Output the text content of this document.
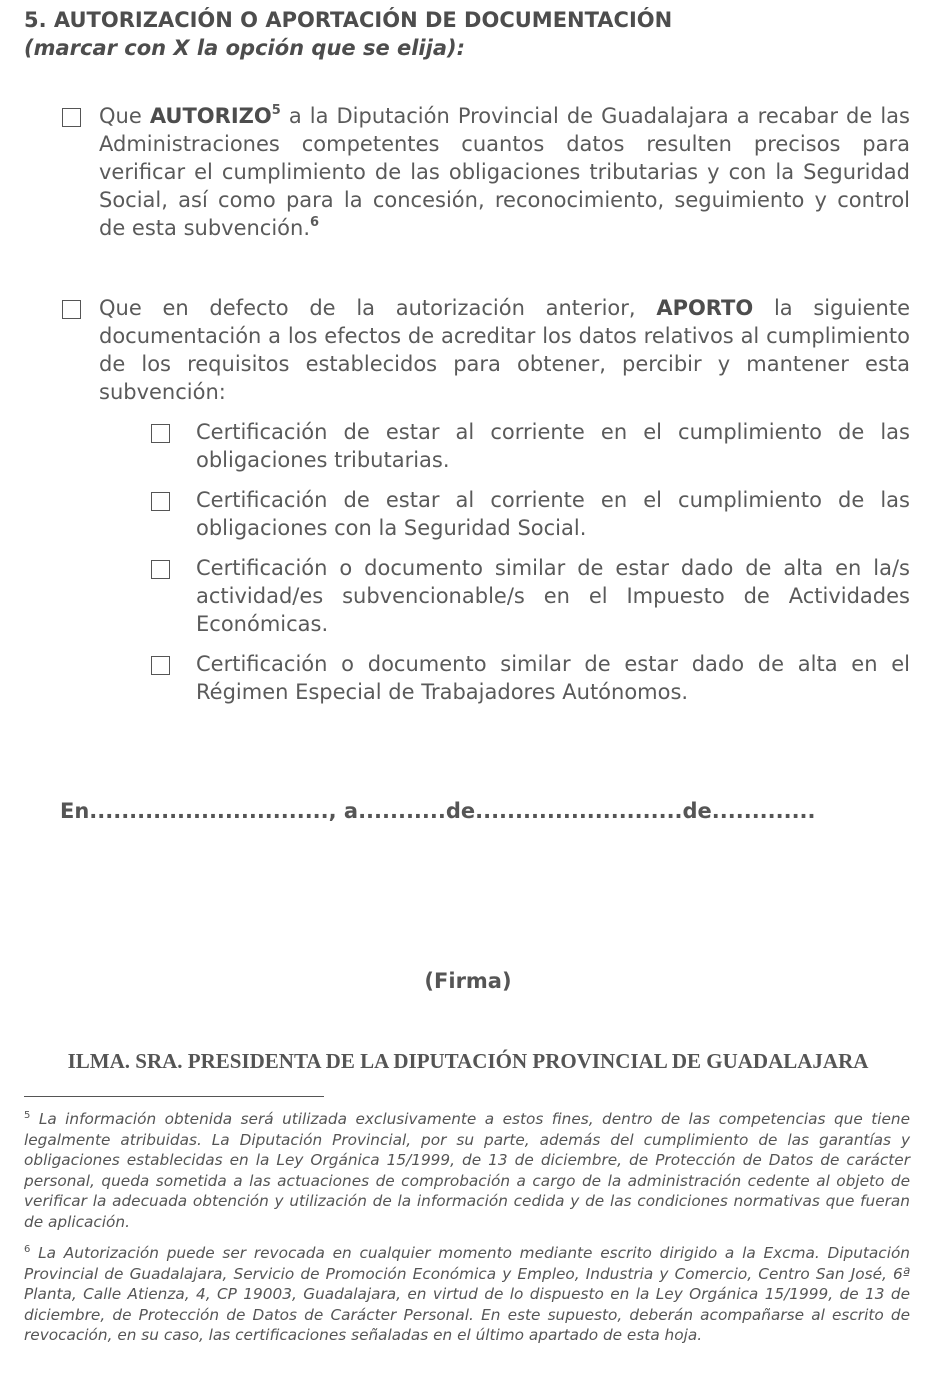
5. AUTORIZACIÓN O APORTACIÓN DE DOCUMENTACIÓN
(marcar con X la opción que se elija):
Que AUTORIZO$^5$ a la Diputación Provincial de Guadalajara a recabar de las Administraciones competentes cuantos datos resulten precisos para verificar el cumplimiento de las obligaciones tributarias y con la Seguridad Social, así como para la concesión, reconocimiento, seguimiento y control de esta subvención.$^6$
Que en defecto de la autorización anterior, APORTO la siguiente documentación a los efectos de acreditar los datos relativos al cumplimiento de los requisitos establecidos para obtener, percibir y mantener esta subvención:
Certificación de estar al corriente en el cumplimiento de las obligaciones tributarias.
Certificación de estar al corriente en el cumplimiento de las obligaciones con la Seguridad Social.
Certificación o documento similar de estar dado de alta en la/s actividad/es subvencionable/s en el Impuesto de Actividades Económicas.
Certificación o documento similar de estar dado de alta en el Régimen Especial de Trabajadores Autónomos.
En.............................., a...........de..........................de.............
(Firma)
ILMA. SRA. PRESIDENTA DE LA DIPUTACIÓN PROVINCIAL DE GUADALAJARA
$^5$ La información obtenida será utilizada exclusivamente a estos fines, dentro de las competencias que tiene legalmente atribuidas. La Diputación Provincial, por su parte, además del cumplimiento de las garantías y obligaciones establecidas en la Ley Orgánica 15/1999, de 13 de diciembre, de Protección de Datos de carácter personal, queda sometida a las actuaciones de comprobación a cargo de la administración cedente al objeto de verificar la adecuada obtención y utilización de la información cedida y de las condiciones normativas que fueran de aplicación.
$^6$ La Autorización puede ser revocada en cualquier momento mediante escrito dirigido a la Excma. Diputación Provincial de Guadalajara, Servicio de Promoción Económica y Empleo, Industria y Comercio, Centro San José, 6ª Planta, Calle Atienza, 4, CP 19003, Guadalajara, en virtud de lo dispuesto en la Ley Orgánica 15/1999, de 13 de diciembre, de Protección de Datos de Carácter Personal. En este supuesto, deberán acompañarse al escrito de revocación, en su caso, las certificaciones señaladas en el último apartado de esta hoja.
